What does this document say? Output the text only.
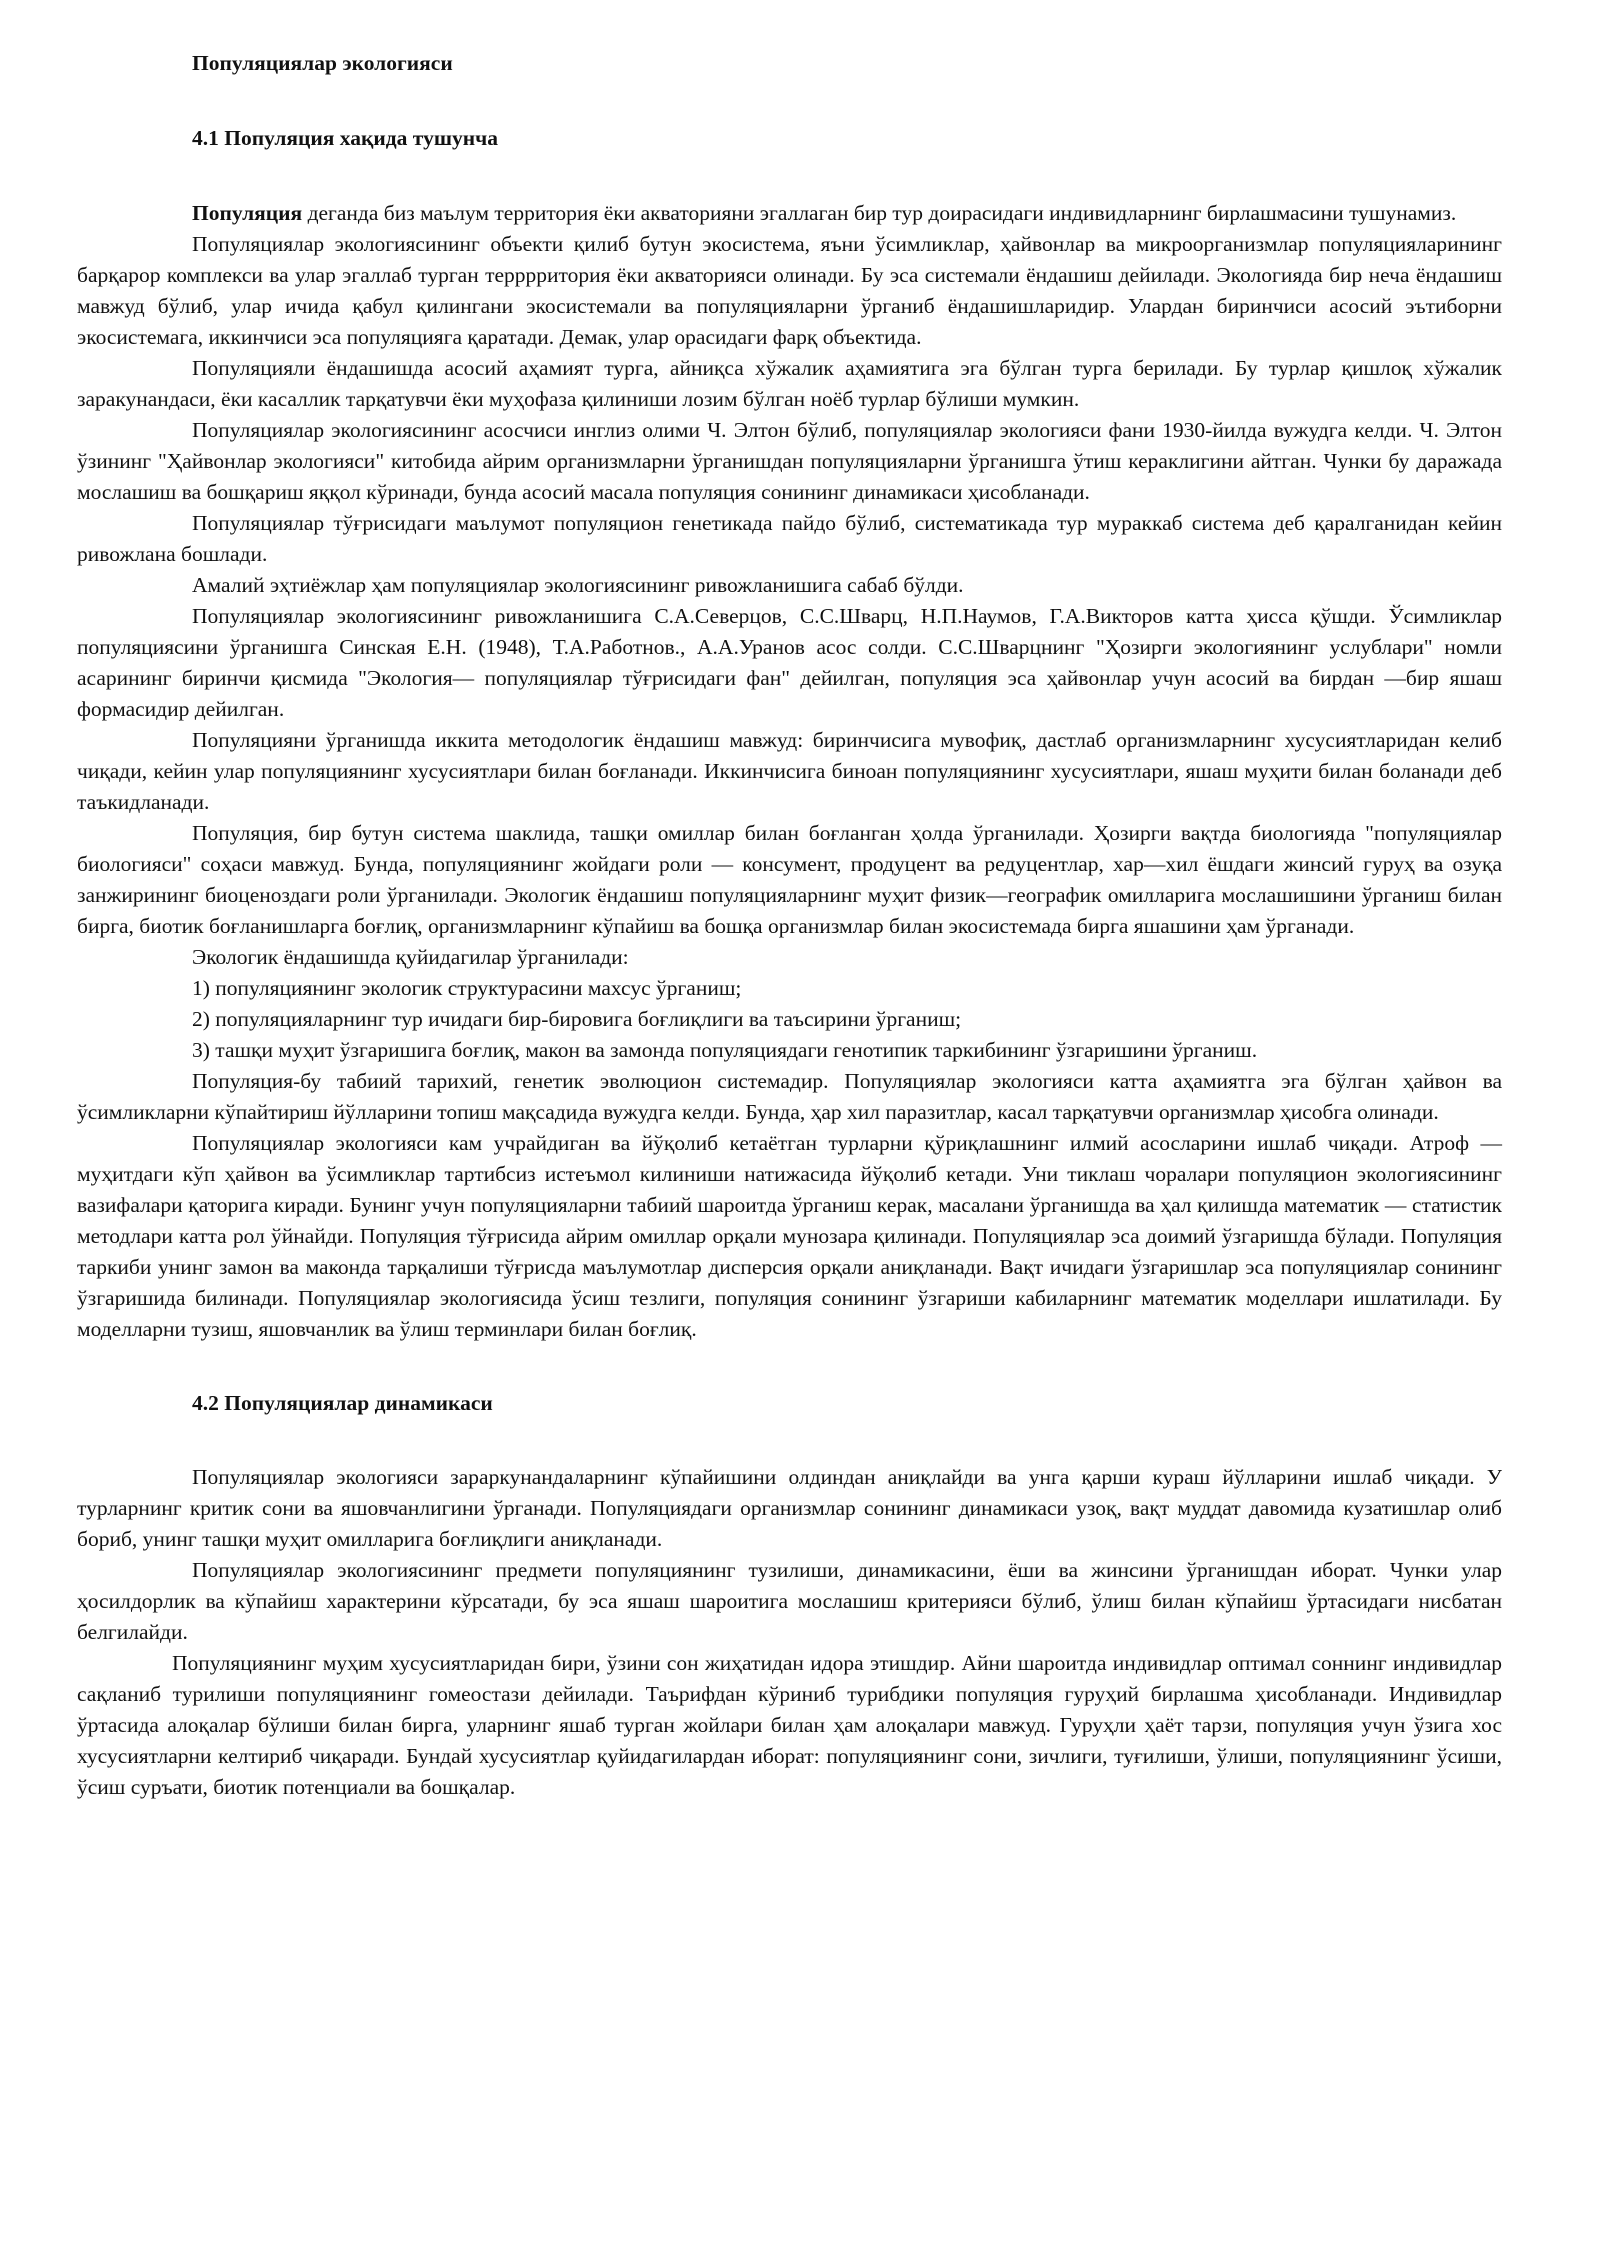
Популяциялар экологияси
4.1 Популяция хақида тушунча

Популяция деганда биз маълум территория ёки акваторияни эгаллаган бир тур доирасидаги индивидларнинг бирлашмасини тушунамиз.

Популяциялар экологиясининг объекти қилиб бутун экосистема, яъни ўсимликлар, ҳайвонлар ва микроорганизмлар популяцияларининг барқарор комплекси ва улар эгаллаб турган терррритория ёки акваторияси олинади. Бу эса системали ёндашиш дейилади. Экологияда бир неча ёндашиш мавжуд бўлиб, улар ичида қабул қилингани экосистемали ва популяцияларни ўрганиб ёндашишларидир. Улардан биринчиси асосий эътиборни экосистемага, иккинчиси эса популяцияга қаратади. Демак, улар орасидаги фарқ объектида.

Популяцияли ёндашишда асосий аҳамият турга, айниқса хўжалик аҳамиятига эга бўлган турга берилади. Бу турлар қишлоқ хўжалик заракунандаси, ёки касаллик тарқатувчи ёки муҳофаза қилиниши лозим бўлган ноёб турлар бўлиши мумкин.

Популяциялар экологиясининг асосчиси инглиз олими Ч. Элтон бўлиб, популяциялар экологияси фани 1930-йилда вужудга келди. Ч. Элтон ўзининг "Ҳайвонлар экологияси" китобида айрим организмларни ўрганишдан популяцияларни ўрганишга ўтиш кераклигини айтган. Чунки бу даражада мослашиш ва бошқариш яққол кўринади, бунда асосий масала популяция сонининг динамикаси ҳисобланади.

Популяциялар тўғрисидаги маълумот популяцион генетикада пайдо бўлиб, систематикада тур мураккаб система деб қаралганидан кейин ривожлана бошлади.

Амалий эҳтиёжлар ҳам популяциялар экологиясининг ривожланишига сабаб бўлди.

Популяциялар экологиясининг ривожланишига С.А.Северцов, С.С.Шварц, Н.П.Наумов, Г.А.Викторов катта ҳисса қўшди. Ўсимликлар популяциясини ўрганишга Синская Е.Н. (1948), Т.А.Работнов., А.А.Уранов асос солди. С.С.Шварцнинг "Ҳозирги экологиянинг услублари" номли асарининг биринчи қисмида "Экология— популяциялар тўғрисидаги фан" дейилган, популяция эса ҳайвонлар учун асосий ва бирдан —бир яшаш формасидир дейилган.

Популяцияни ўрганишда иккита методологик ёндашиш мавжуд: биринчисига мувофиқ, дастлаб организмларнинг хусусиятларидан келиб чиқади, кейин улар популяциянинг хусусиятлари билан боғланади. Иккинчисига биноан популяциянинг хусусиятлари, яшаш муҳити билан боланади деб таъкидланади.

Популяция, бир бутун система шаклида, ташқи омиллар билан боғланган ҳолда ўрганилади. Ҳозирги вақтда биологияда "популяциялар биологияси" соҳаси мавжуд. Бунда, популяциянинг жойдаги роли — консумент, продуцент ва редуцентлар, хар—хил ёшдаги жинсий гуруҳ ва озуқа занжирининг биоценоздаги роли ўрганилади. Экологик ёндашиш популяцияларнинг муҳит физик—географик омилларига мослашишини ўрганиш билан бирга, биотик боғланишларга боғлиқ, организмларнинг кўпайиш ва бошқа организмлар билан экосистемада бирга яшашини ҳам ўрганади.

Экологик ёндашишда қуйидагилар ўрганилади:

1) популяциянинг экологик структурасини махсус ўрганиш;

2) популяцияларнинг тур ичидаги бир-бировига боғлиқлиги ва таъсирини ўрганиш;

3) ташқи муҳит ўзгаришига боғлиқ, макон ва замонда популяциядаги генотипик таркибининг ўзгаришини ўрганиш.

Популяция-бу табиий тарихий, генетик эволюцион системадир. Популяциялар экологияси катта аҳамиятга эга бўлган ҳайвон ва ўсимликларни кўпайтириш йўлларини топиш мақсадида вужудга келди. Бунда, ҳар хил паразитлар, касал тарқатувчи организмлар ҳисобга олинади.

Популяциялар экологияси кам учрайдиган ва йўқолиб кетаётган турларни қўриқлашнинг илмий асосларини ишлаб чиқади. Атроф — муҳитдаги кўп ҳайвон ва ўсимликлар тартибсиз истеъмол килиниши натижасида йўқолиб кетади. Уни тиклаш чоралари популяцион экологиясининг вазифалари қаторига киради. Бунинг учун популяцияларни табиий шароитда ўрганиш керак, масалани ўрганишда ва ҳал қилишда математик — статистик методлари катта рол ўйнайди. Популяция тўғрисида айрим омиллар орқали мунозара қилинади. Популяциялар эса доимий ўзгаришда бўлади. Популяция таркиби унинг замон ва маконда тарқалиши тўғрисда маълумотлар дисперсия орқали аниқланади. Вақт ичидаги ўзгаришлар эса популяциялар сонининг ўзгаришида билинади. Популяциялар экологиясида ўсиш тезлиги, популяция сонининг ўзгариши кабиларнинг математик моделлари ишлатилади. Бу моделларни тузиш, яшовчанлик ва ўлиш терминлари билан боғлиқ.

4.2 Популяциялар динамикаси

Популяциялар экологияси зараркунандаларнинг кўпайишини олдиндан аниқлайди ва унга қарши кураш йўлларини ишлаб чиқади. У турларнинг критик сони ва яшовчанлигини ўрганади. Популяциядаги организмлар сонининг динамикаси узоқ, вақт муддат давомида кузатишлар олиб бориб, унинг ташқи муҳит омилларига боғлиқлиги аниқланади.

Популяциялар экологиясининг предмети популяциянинг тузилиши, динамикасини, ёши ва жинсини ўрганишдан иборат. Чунки улар ҳосилдорлик ва кўпайиш характерини кўрсатади, бу эса яшаш шароитига мослашиш критерияси бўлиб, ўлиш билан кўпайиш ўртасидаги нисбатан белгилайди.

Популяциянинг муҳим хусусиятларидан бири, ўзини сон жиҳатидан идора этишдир. Айни шароитда индивидлар оптимал соннинг индивидлар сақланиб турилиши популяциянинг гомеостази дейилади. Таърифдан кўриниб турибдики популяция гуруҳий бирлашма ҳисобланади. Индивидлар ўртасида алоқалар бўлиши билан бирга, уларнинг яшаб турган жойлари билан ҳам алоқалари мавжуд. Гуруҳли ҳаёт тарзи, популяция учун ўзига хос хусусиятларни келтириб чиқаради. Бундай хусусиятлар қуйидагилардан иборат: популяциянинг сони, зичлиги, туғилиши, ўлиши, популяциянинг ўсиши, ўсиш суръати, биотик потенциали ва бошқалар.
